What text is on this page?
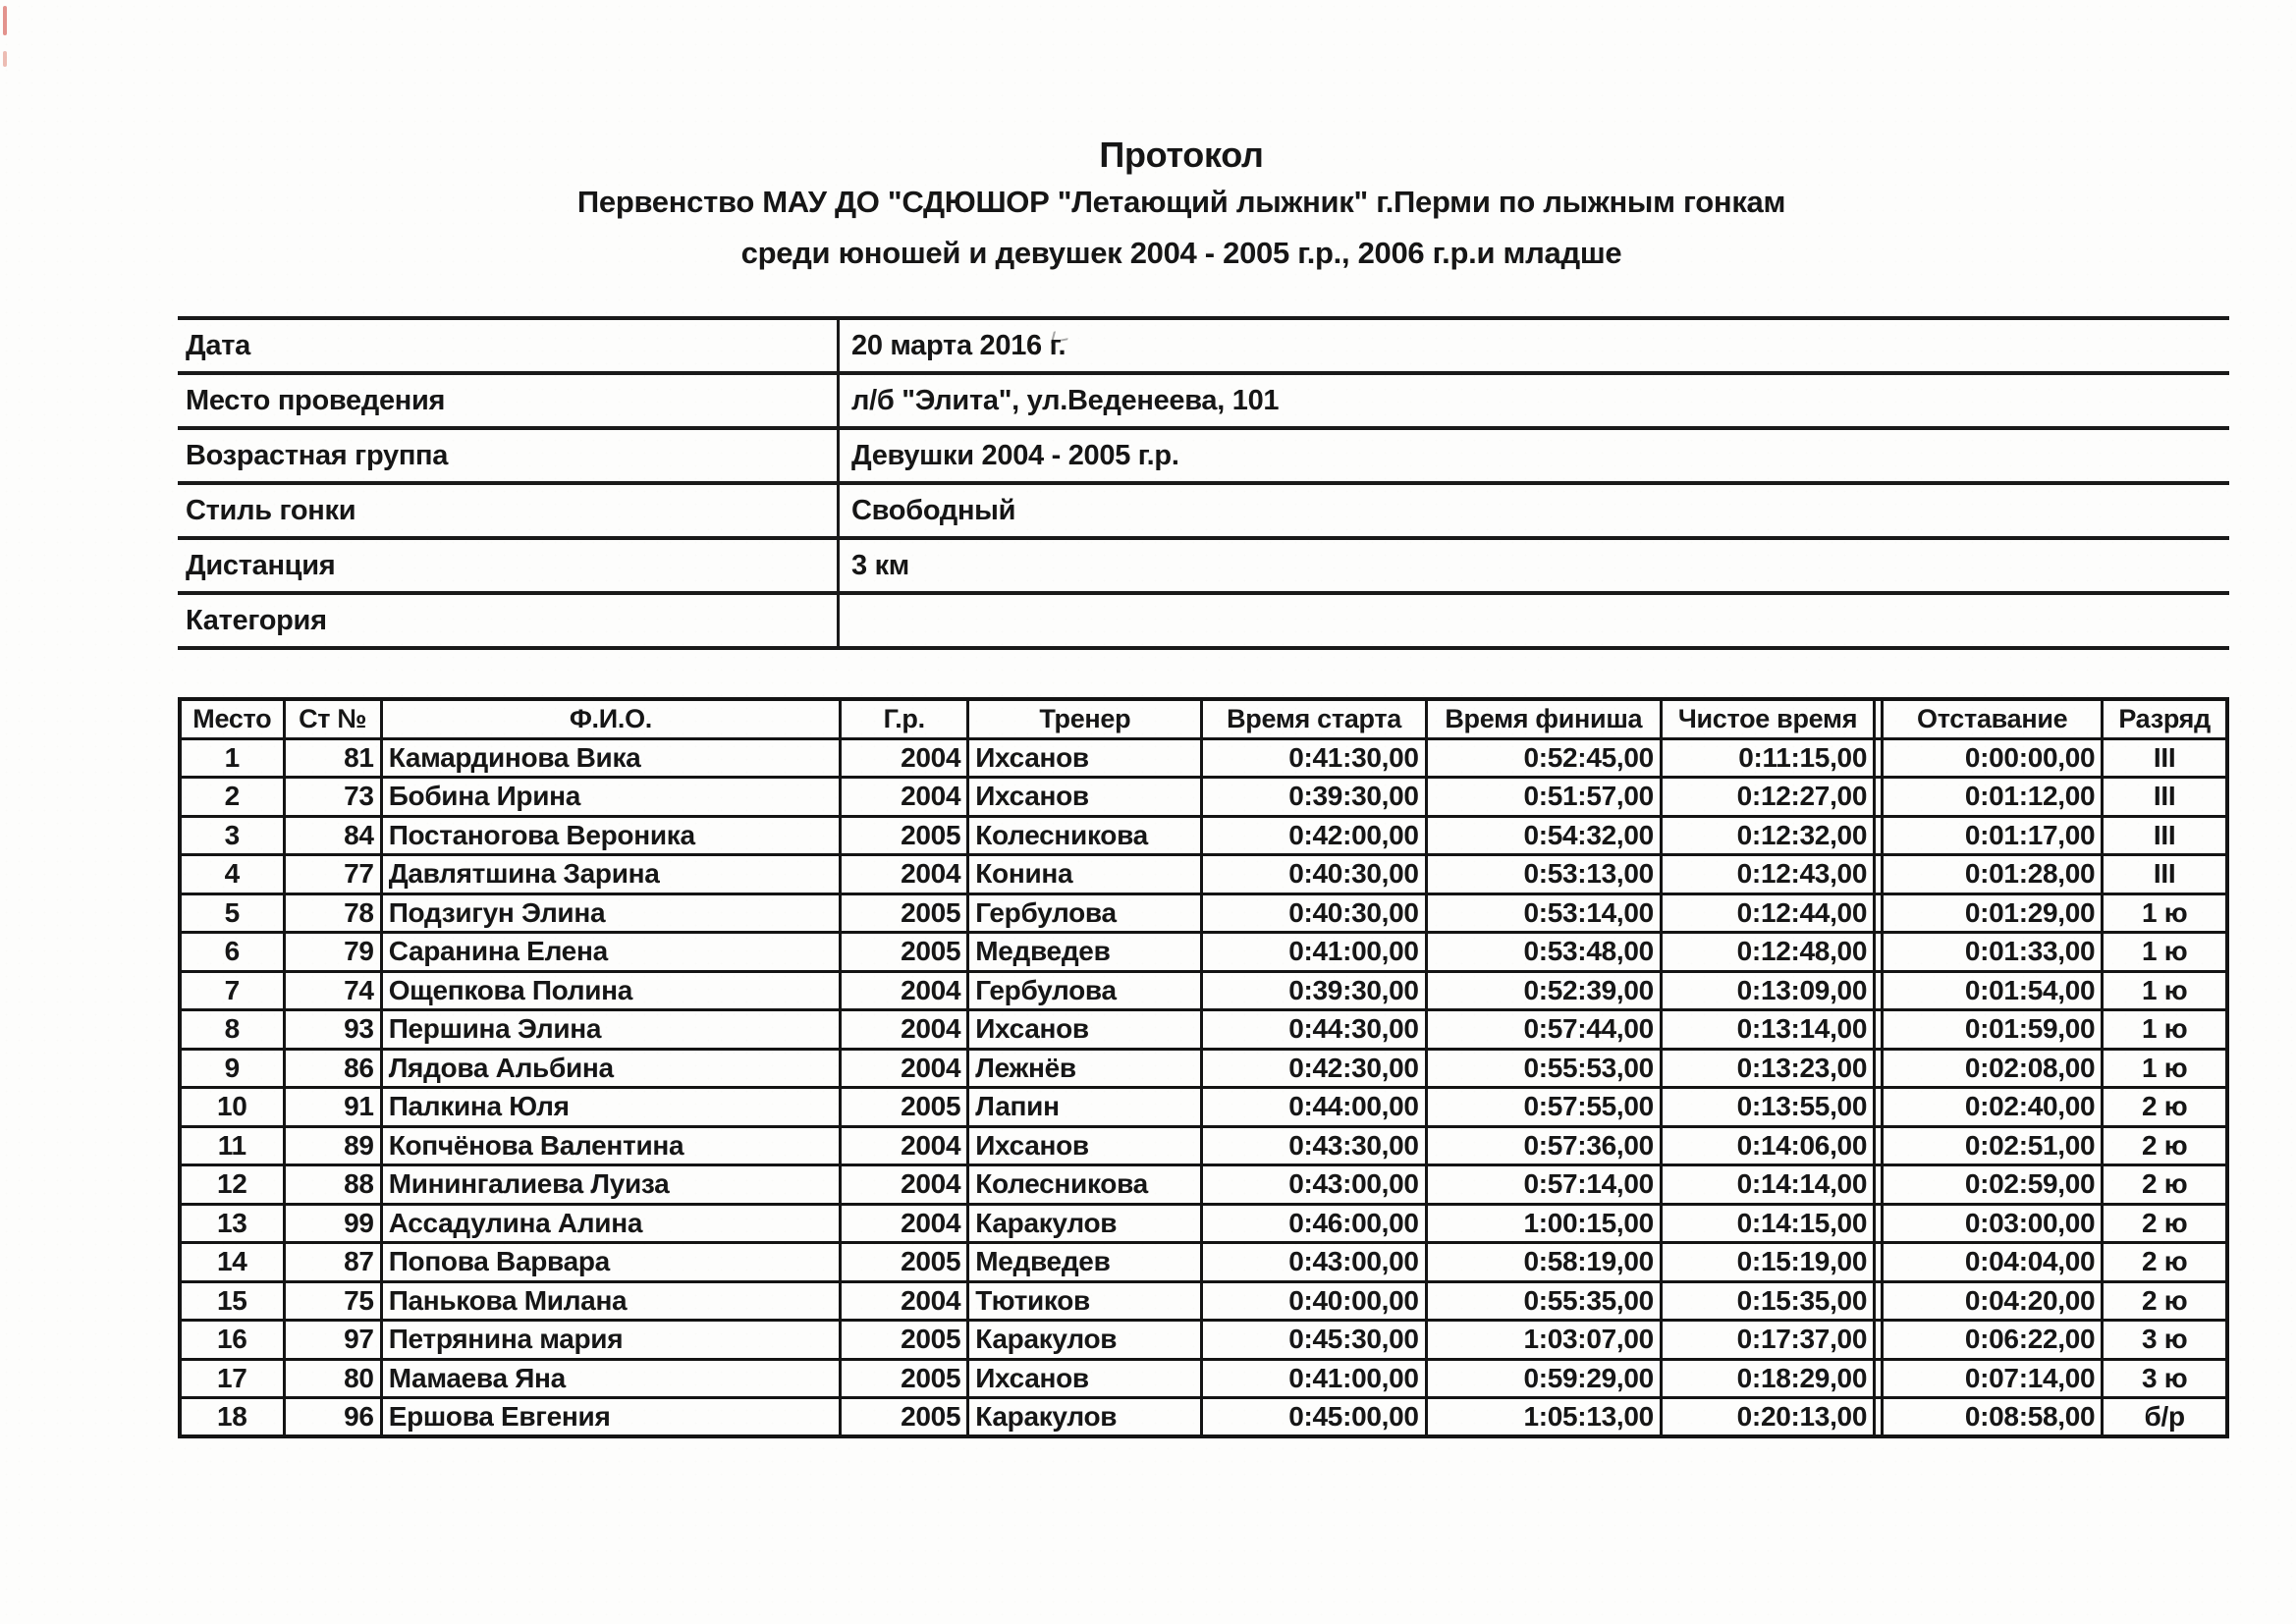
Протокол
Первенство МАУ ДО "СДЮШОР "Летающий лыжник" г.Перми по лыжным гонкам
среди юношей и девушек 2004 - 2005 г.р., 2006 г.р.и младше
Дата	20 марта 2016 г.
Место проведения	л/б "Элита", ул.Веденеева, 101
Возрастная группа	Девушки 2004 - 2005 г.р.
Стиль гонки	Свободный
Дистанция	3 км
Категория
Место	Ст №	Ф.И.О.	Г.р.	Тренер	Время старта	Время финиша	Чистое время		Отставание	Разряд
1	81	Камардинова Вика	2004	Ихсанов	0:41:30,00	0:52:45,00	0:11:15,00		0:00:00,00	III
2	73	Бобина Ирина	2004	Ихсанов	0:39:30,00	0:51:57,00	0:12:27,00		0:01:12,00	III
3	84	Постаногова Вероника	2005	Колесникова	0:42:00,00	0:54:32,00	0:12:32,00		0:01:17,00	III
4	77	Давлятшина Зарина	2004	Конина	0:40:30,00	0:53:13,00	0:12:43,00		0:01:28,00	III
5	78	Подзигун Элина	2005	Гербулова	0:40:30,00	0:53:14,00	0:12:44,00		0:01:29,00	1 ю
6	79	Саранина Елена	2005	Медведев	0:41:00,00	0:53:48,00	0:12:48,00		0:01:33,00	1 ю
7	74	Ощепкова Полина	2004	Гербулова	0:39:30,00	0:52:39,00	0:13:09,00		0:01:54,00	1 ю
8	93	Першина Элина	2004	Ихсанов	0:44:30,00	0:57:44,00	0:13:14,00		0:01:59,00	1 ю
9	86	Лядова Альбина	2004	Лежнёв	0:42:30,00	0:55:53,00	0:13:23,00		0:02:08,00	1 ю
10	91	Палкина Юля	2005	Лапин	0:44:00,00	0:57:55,00	0:13:55,00		0:02:40,00	2 ю
11	89	Копчёнова Валентина	2004	Ихсанов	0:43:30,00	0:57:36,00	0:14:06,00		0:02:51,00	2 ю
12	88	Минингалиева Луиза	2004	Колесникова	0:43:00,00	0:57:14,00	0:14:14,00		0:02:59,00	2 ю
13	99	Ассадулина Алина	2004	Каракулов	0:46:00,00	1:00:15,00	0:14:15,00		0:03:00,00	2 ю
14	87	Попова Варвара	2005	Медведев	0:43:00,00	0:58:19,00	0:15:19,00		0:04:04,00	2 ю
15	75	Панькова Милана	2004	Тютиков	0:40:00,00	0:55:35,00	0:15:35,00		0:04:20,00	2 ю
16	97	Петрянина мария	2005	Каракулов	0:45:30,00	1:03:07,00	0:17:37,00		0:06:22,00	3 ю
17	80	Мамаева Яна	2005	Ихсанов	0:41:00,00	0:59:29,00	0:18:29,00		0:07:14,00	3 ю
18	96	Ершова Евгения	2005	Каракулов	0:45:00,00	1:05:13,00	0:20:13,00		0:08:58,00	б/р
